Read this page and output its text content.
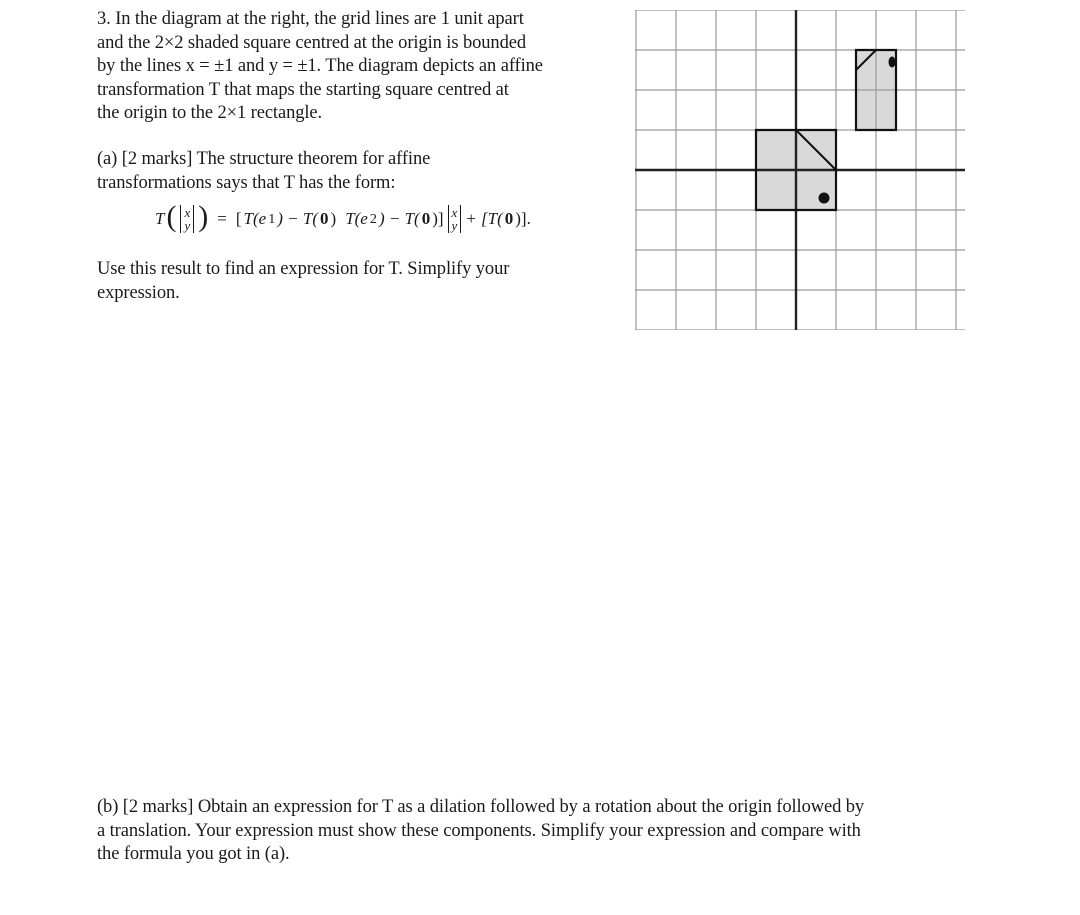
3. In the diagram at the right, the grid lines are 1 unit apart
and the 2×2 shaded square centred at the origin is bounded
by the lines x = ±1 and y = ±1. The diagram depicts an affine
transformation T that maps the starting square centred at
the origin to the 2×1 rectangle.
(a) [2 marks] The structure theorem for affine
transformations says that T has the form:
T ( x
y ) = [ T(e 1 ) − T( 0 ) T(e 2 ) − T( 0 )] x
y + [T( 0 )].
Use this result to find an expression for T. Simplify your
expression.
(b) [2 marks] Obtain an expression for T as a dilation followed by a rotation about the origin followed by
a translation. Your expression must show these components. Simplify your expression and compare with
the formula you got in (a).
